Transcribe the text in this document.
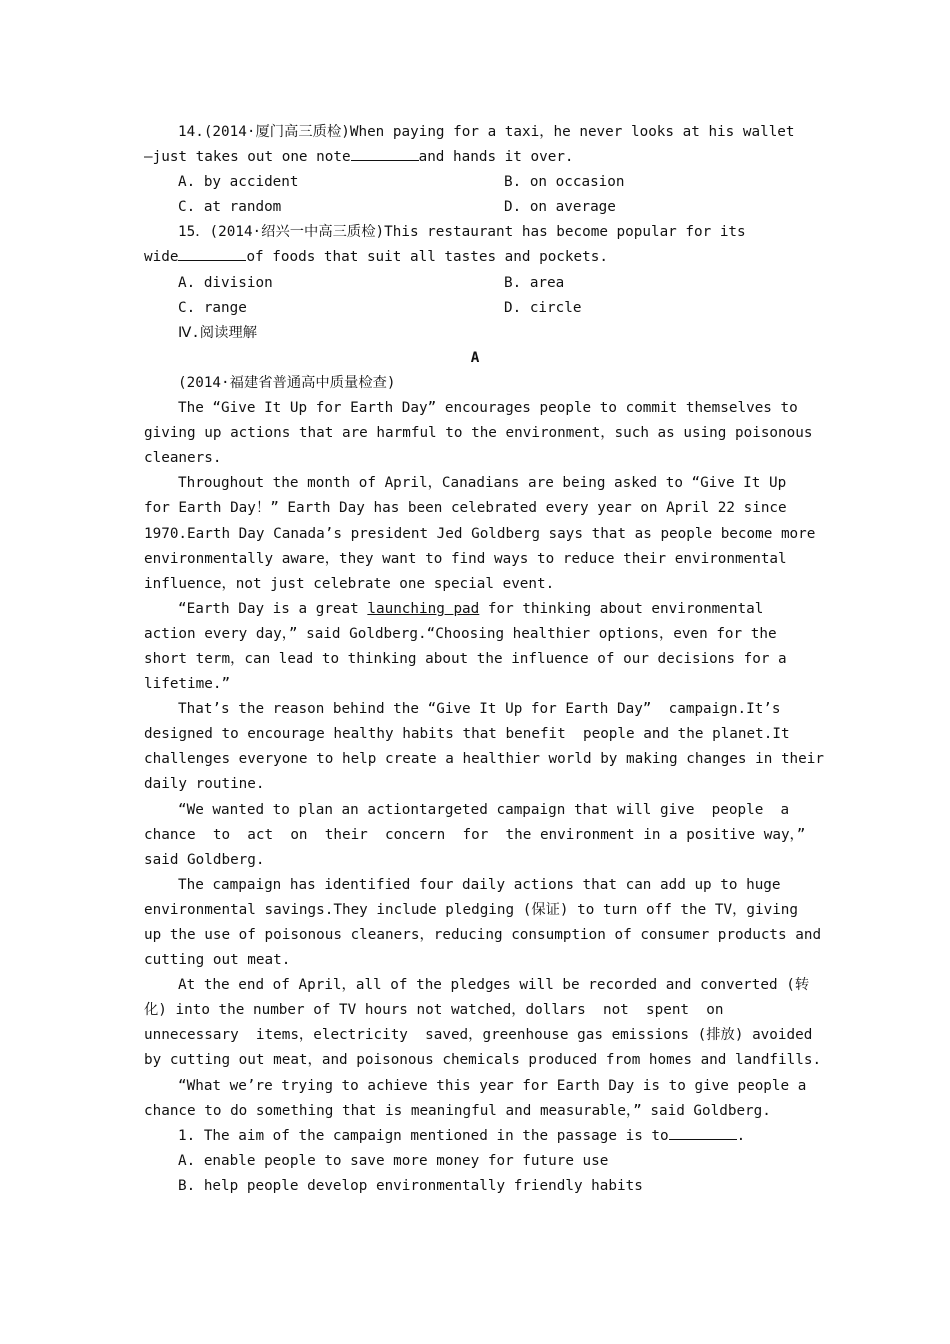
14.(2014·厦门高三质检)When paying for a taxi，he never looks at his wallet
—just takes out one note	and hands it over.
A. by accident	B. on occasion
C. at random	D. on average
15．(2014·绍兴一中高三质检)This restaurant has become popular for its
wide	of foods that suit all tastes and pockets.
A. division	B. area
C. range	D. circle
Ⅳ.阅读理解
A
(2014·福建省普通高中质量检查)
The “Give It Up for Earth Day” encourages people to commit themselves to
giving up actions that are harmful to the environment，such as using poisonous
cleaners.
Throughout the month of April，Canadians are being asked to “Give It Up
for Earth Day！” Earth Day has been celebrated every year on April 22 since
1970.Earth Day Canada’s president Jed Goldberg says that as people become more
environmentally aware，they want to find ways to reduce their environmental
influence，not just celebrate one special event.
“Earth Day is a great launching pad for thinking about environmental
action every day，” said Goldberg.“Choosing healthier options，even for the
short term，can lead to thinking about the influence of our decisions for a
lifetime.”
That’s the reason behind the “Give It Up for Earth Day”  campaign.It’s
designed to encourage healthy habits that benefit  people and the planet.It
challenges everyone to help create a healthier world by making changes in their
daily routine.
“We wanted to plan an actiontargeted campaign that will give  people  a
chance  to  act  on  their  concern  for  the environment in a positive way，”
said Goldberg.
The campaign has identified four daily actions that can add up to huge
environmental savings.They include pledging (保证) to turn off the TV，giving
up the use of poisonous cleaners，reducing consumption of consumer products and
cutting out meat.
At the end of April，all of the pledges will be recorded and converted (转
化) into the number of TV hours not watched，dollars  not  spent  on
unnecessary  items，electricity  saved，greenhouse gas emissions (排放) avoided
by cutting out meat，and poisonous chemicals produced from homes and landfills.
“What we’re trying to achieve this year for Earth Day is to give people a
chance to do something that is meaningful and measurable，” said Goldberg.
1. The aim of the campaign mentioned in the passage is to	.
A. enable people to save more money for future use
B. help people develop environmentally friendly habits
